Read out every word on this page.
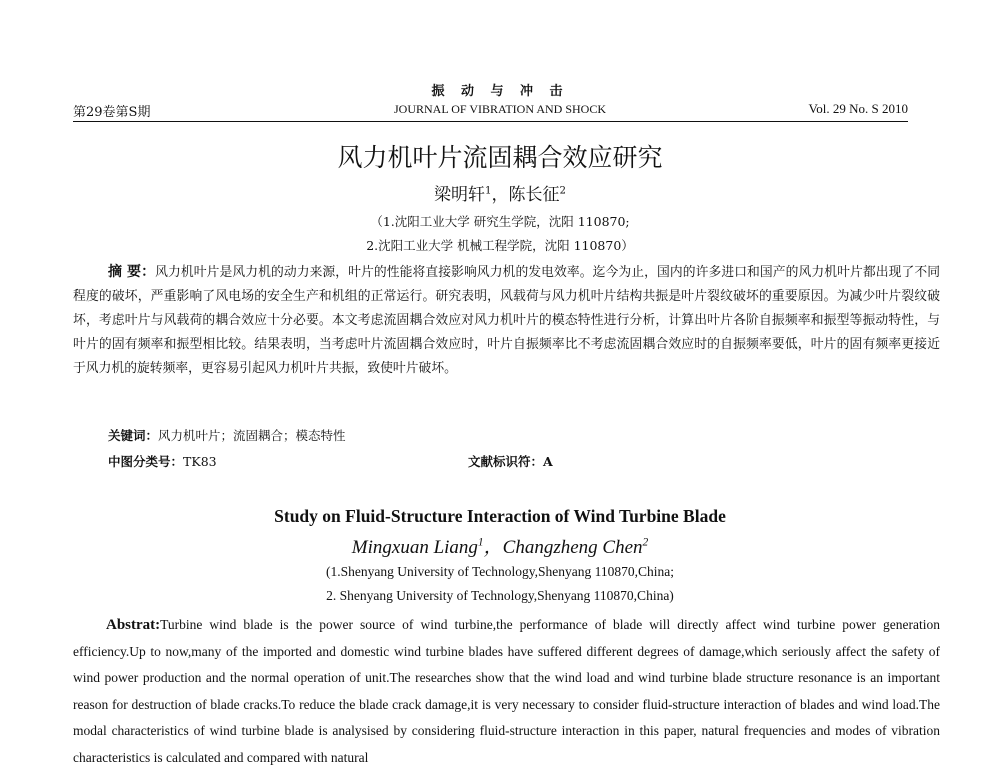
振 动 与 冲 击
第29卷第S期	JOURNAL OF VIBRATION AND SHOCK	Vol. 29 No. S 2010
风力机叶片流固耦合效应研究
梁明轩$^1$，陈长征$^2$
（1.沈阳工业大学 研究生学院，沈阳 110870;
2.沈阳工业大学 机械工程学院，沈阳 110870）
摘 要：风力机叶片是风力机的动力来源，叶片的性能将直接影响风力机的发电效率。迄今为止，国内的许多进口和国产的风力机叶片都出现了不同程度的破坏，严重影响了风电场的安全生产和机组的正常运行。研究表明，风载荷与风力机叶片结构共振是叶片裂纹破坏的重要原因。为减少叶片裂纹破坏，考虑叶片与风载荷的耦合效应十分必要。本文考虑流固耦合效应对风力机叶片的模态特性进行分析，计算出叶片各阶自振频率和振型等振动特性，与叶片的固有频率和振型相比较。结果表明，当考虑叶片流固耦合效应时，叶片自振频率比不考虑流固耦合效应时的自振频率要低，叶片的固有频率更接近于风力机的旋转频率，更容易引起风力机叶片共振，致使叶片破坏。
关键词：风力机叶片；流固耦合；模态特性
中图分类号：TK83	文献标识符：A
Study on Fluid-Structure Interaction of Wind Turbine Blade
Mingxuan Liang$^1$，Changzheng Chen$^2$
(1.Shenyang University of Technology,Shenyang 110870,China;
2. Shenyang University of Technology,Shenyang 110870,China)
Abstrat:Turbine wind blade is the power source of wind turbine,the performance of blade will directly affect wind turbine power generation efficiency.Up to now,many of the imported and domestic wind turbine blades have suffered different degrees of damage,which seriously affect the safety of wind power production and the normal operation of unit.The researches show that the wind load and wind turbine blade structure resonance is an important reason for destruction of blade cracks.To reduce the blade crack damage,it is very necessary to consider fluid-structure interaction of blades and wind load.The modal characteristics of wind turbine blade is analysised by considering fluid-structure interaction in this paper, natural frequencies and modes of vibration characteristics is calculated and compared with natural
